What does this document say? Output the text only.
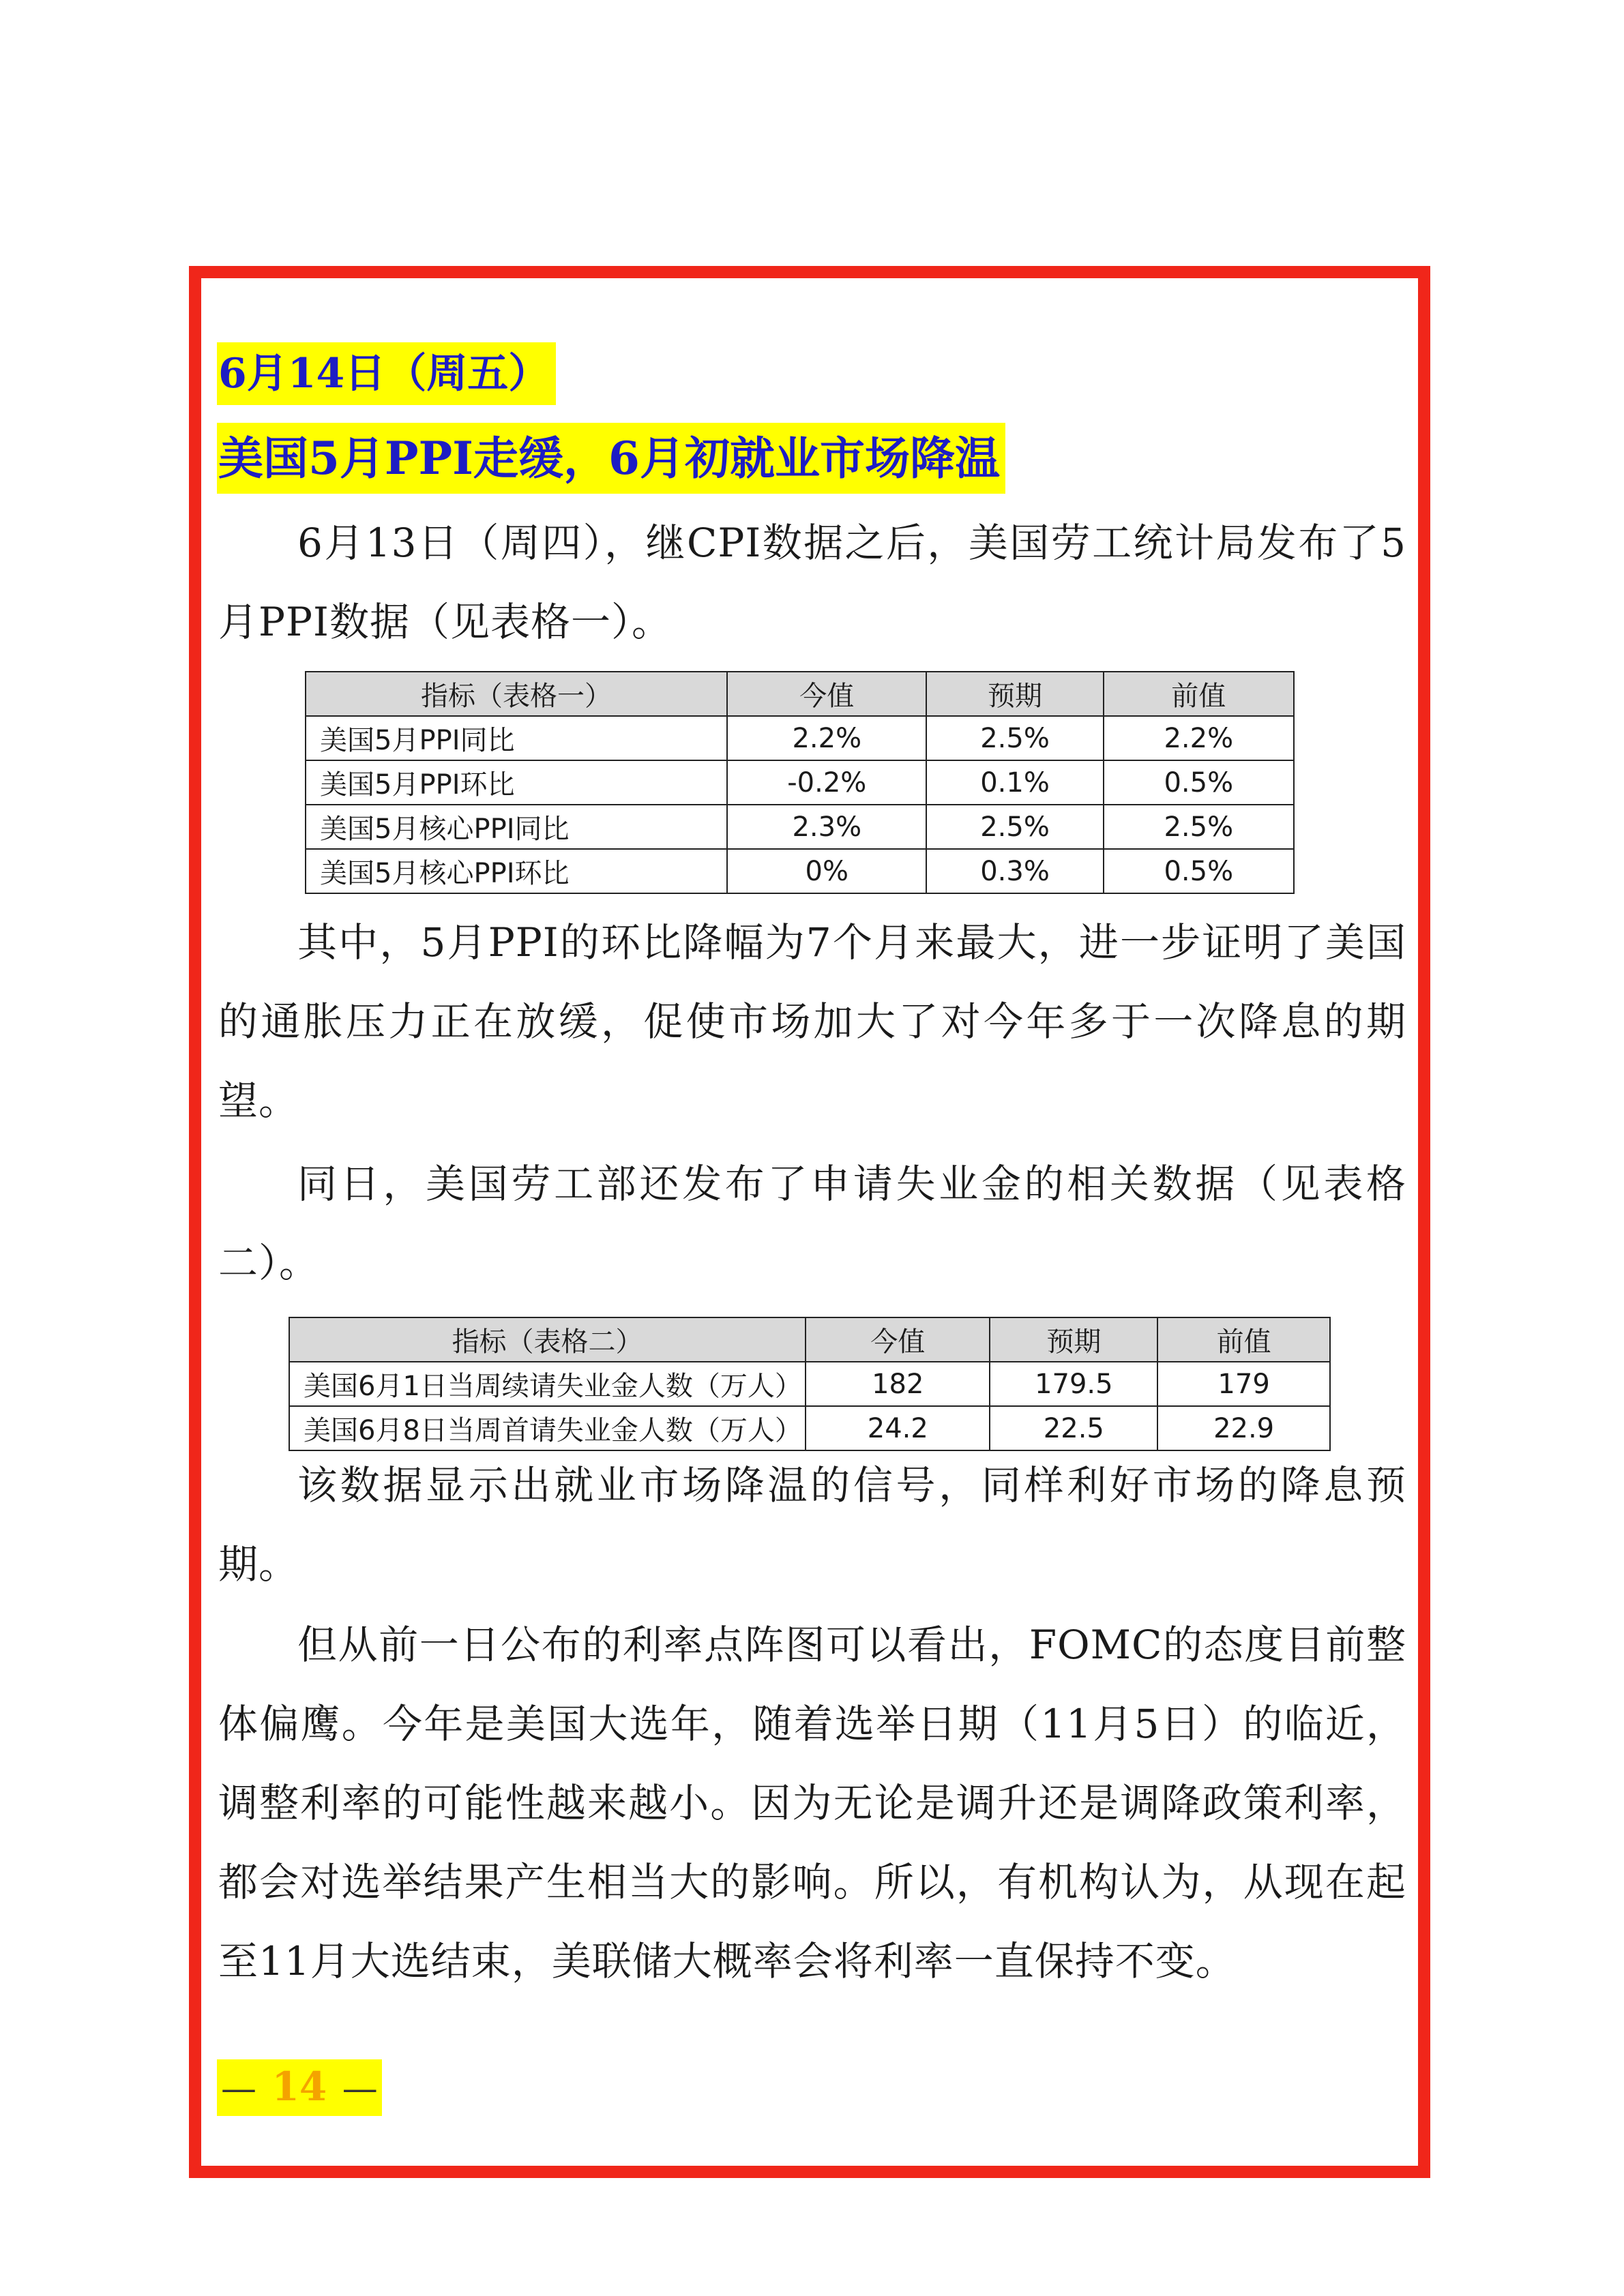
6月14日（周五）
美国5月PPI走缓，6月初就业市场降温

6月13日（周四），继CPI数据之后，美国劳工统计局发布了5月PPI数据（见表格一）。

指标（表格一）	今值	预期	前值
美国5月PPI同比	2.2%	2.5%	2.2%
美国5月PPI环比	-0.2%	0.1%	0.5%
美国5月核心PPI同比	2.3%	2.5%	2.5%
美国5月核心PPI环比	0%	0.3%	0.5%

其中，5月PPI的环比降幅为7个月来最大，进一步证明了美国的通胀压力正在放缓，促使市场加大了对今年多于一次降息的期望。

同日，美国劳工部还发布了申请失业金的相关数据（见表格二）。

指标（表格二）	今值	预期	前值
美国6月1日当周续请失业金人数（万人）	182	179.5	179
美国6月8日当周首请失业金人数（万人）	24.2	22.5	22.9

该数据显示出就业市场降温的信号，同样利好市场的降息预期。

但从前一日公布的利率点阵图可以看出，FOMC的态度目前整体偏鹰。今年是美国大选年，随着选举日期（11月5日）的临近，调整利率的可能性越来越小。因为无论是调升还是调降政策利率，都会对选举结果产生相当大的影响。所以，有机构认为，从现在起至11月大选结束，美联储大概率会将利率一直保持不变。

— 14 —
